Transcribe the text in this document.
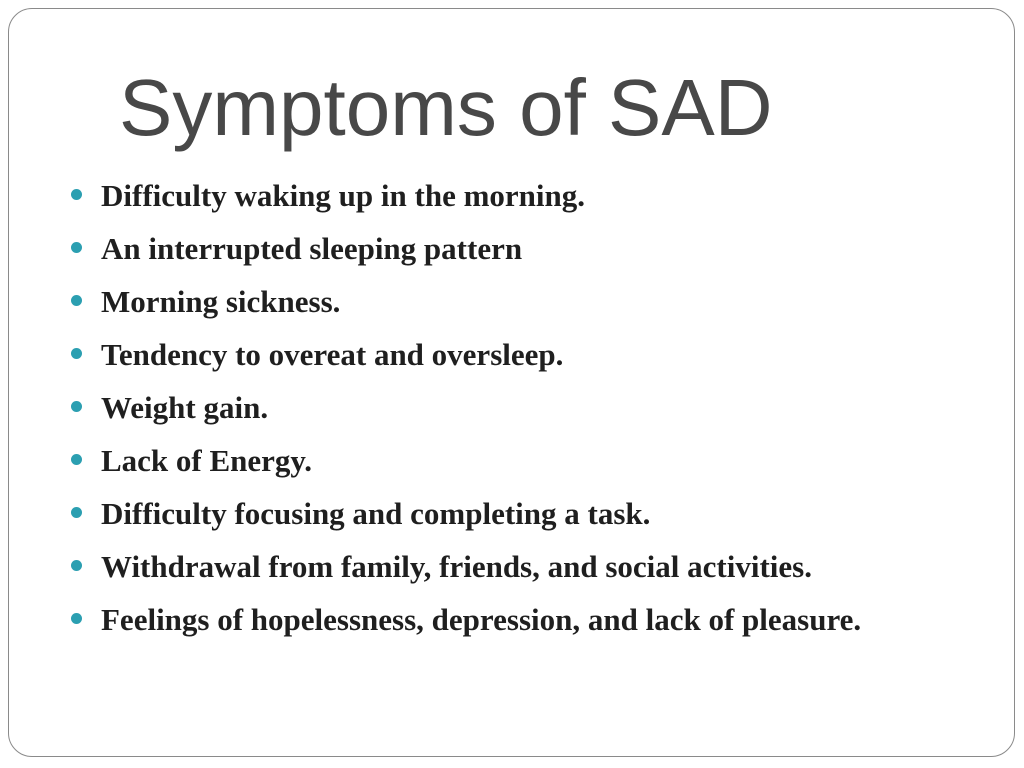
Symptoms of SAD
Difficulty waking up in the morning.
An interrupted sleeping pattern
Morning sickness.
Tendency to overeat and oversleep.
Weight gain.
Lack of Energy.
Difficulty focusing and completing a task.
Withdrawal from family, friends, and social activities.
Feelings of hopelessness, depression, and lack of pleasure.
